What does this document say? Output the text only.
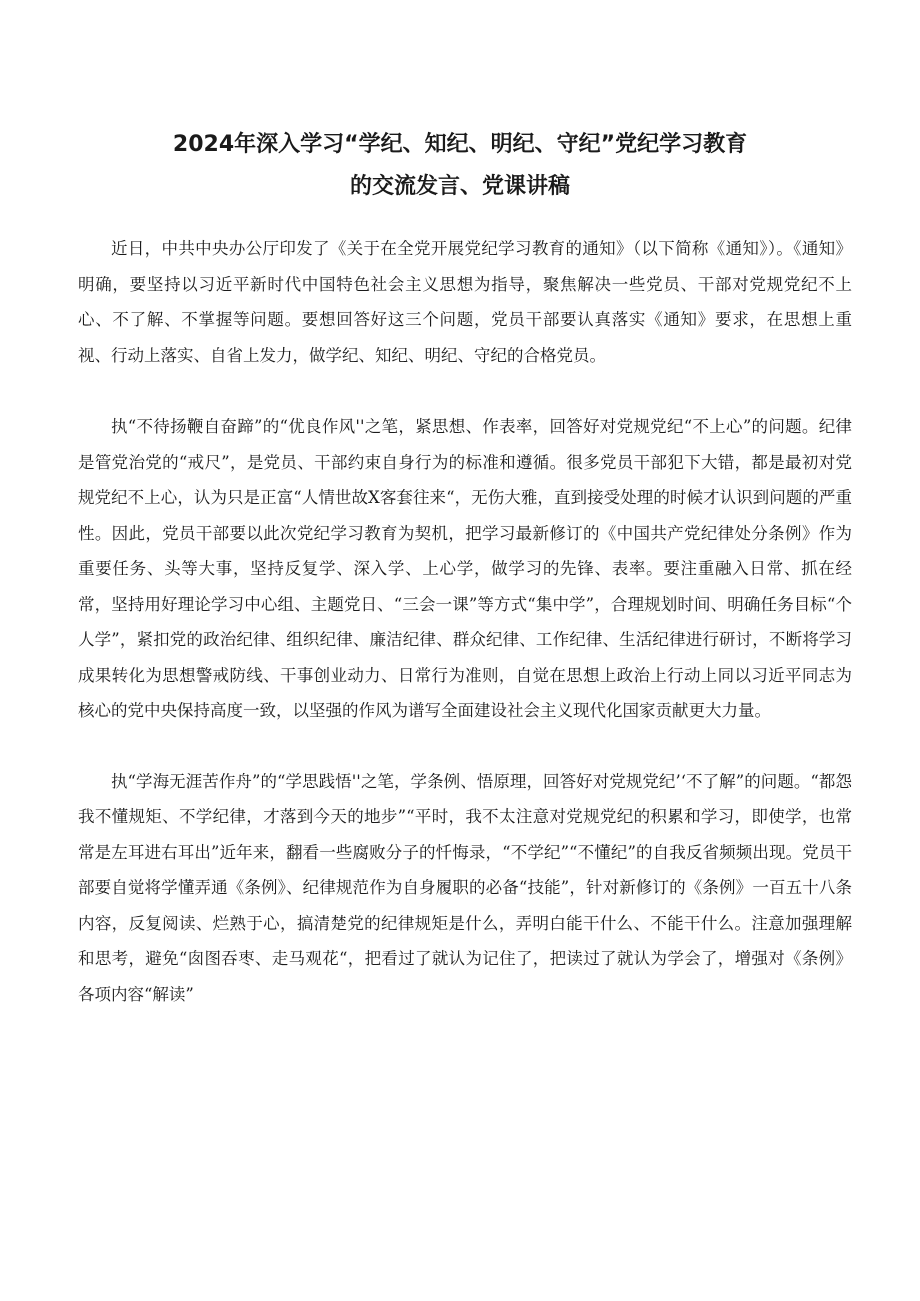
2024年深入学习“学纪、知纪、明纪、守纪”党纪学习教育
的交流发言、党课讲稿

近日，中共中央办公厅印发了《关于在全党开展党纪学习教育的通知》（以下简称《通知》）。《通知》明确，要坚持以习近平新时代中国特色社会主义思想为指导，聚焦解决一些党员、干部对党规党纪不上心、不了解、不掌握等问题。要想回答好这三个问题，党员干部要认真落实《通知》要求，在思想上重视、行动上落实、自省上发力，做学纪、知纪、明纪、守纪的合格党员。

执“不待扬鞭自奋蹄”的“优良作风''之笔，紧思想、作表率，回答好对党规党纪“不上心”的问题。纪律是管党治党的“戒尺”，是党员、干部约束自身行为的标准和遵循。很多党员干部犯下大错，都是最初对党规党纪不上心，认为只是正富“人情世故X客套往来“，无伤大雅，直到接受处理的时候才认识到问题的严重性。因此，党员干部要以此次党纪学习教育为契机，把学习最新修订的《中国共产党纪律处分条例》作为重要任务、头等大事，坚持反复学、深入学、上心学，做学习的先锋、表率。要注重融入日常、抓在经常，坚持用好理论学习中心组、主题党日、“三会一课”等方式“集中学”，合理规划时间、明确任务目标“个人学”，紧扣党的政治纪律、组织纪律、廉洁纪律、群众纪律、工作纪律、生活纪律进行研讨，不断将学习成果转化为思想警戒防线、干事创业动力、日常行为准则，自觉在思想上政治上行动上同以习近平同志为核心的党中央保持高度一致，以坚强的作风为谱写全面建设社会主义现代化国家贡献更大力量。

执“学海无涯苦作舟”的“学思践悟''之笔，学条例、悟原理，回答好对党规党纪’‘不了解”的问题。“都怨我不懂规矩、不学纪律，才落到今天的地步”“平时，我不太注意对党规党纪的积累和学习，即使学，也常常是左耳进右耳出”近年来，翻看一些腐败分子的忏悔录，“不学纪”“不懂纪”的自我反省频频出现。党员干部要自觉将学懂弄通《条例》、纪律规范作为自身履职的必备“技能”，针对新修订的《条例》一百五十八条内容，反复阅读、烂熟于心，搞清楚党的纪律规矩是什么，弄明白能干什么、不能干什么。注意加强理解和思考，避免“囱图吞枣、走马观花“，把看过了就认为记住了，把读过了就认为学会了，增强对《条例》各项内容“解读”
